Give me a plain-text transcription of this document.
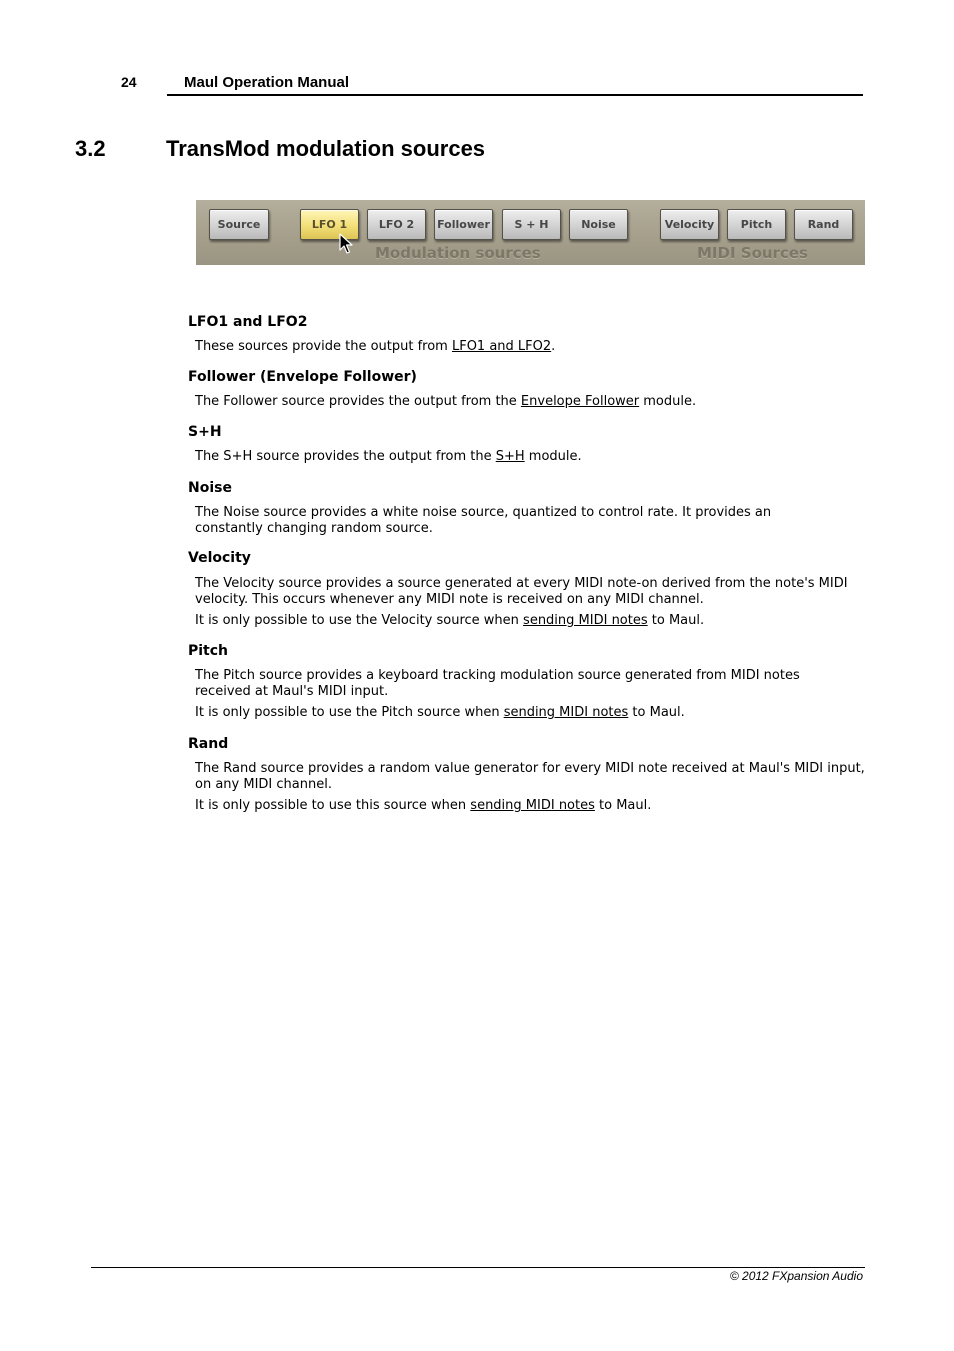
24	Maul Operation Manual
3.2	TransMod modulation sources
Source	LFO 1	LFO 2	Follower	S + H	Noise	Velocity	Pitch	Rand
Modulation sources	MIDI Sources
LFO1 and LFO2
These sources provide the output from LFO1 and LFO2.
Follower (Envelope Follower)
The Follower source provides the output from the Envelope Follower module.
S+H
The S+H source provides the output from the S+H module.
Noise
The Noise source provides a white noise source, quantized to control rate. It provides an constantly changing random source.
Velocity
The Velocity source provides a source generated at every MIDI note-on derived from the note's MIDI velocity. This occurs whenever any MIDI note is received on any MIDI channel.
It is only possible to use the Velocity source when sending MIDI notes to Maul.
Pitch
The Pitch source provides a keyboard tracking modulation source generated from MIDI notes received at Maul's MIDI input.
It is only possible to use the Pitch source when sending MIDI notes to Maul.
Rand
The Rand source provides a random value generator for every MIDI note received at Maul's MIDI input, on any MIDI channel.
It is only possible to use this source when sending MIDI notes to Maul.
© 2012 FXpansion Audio
